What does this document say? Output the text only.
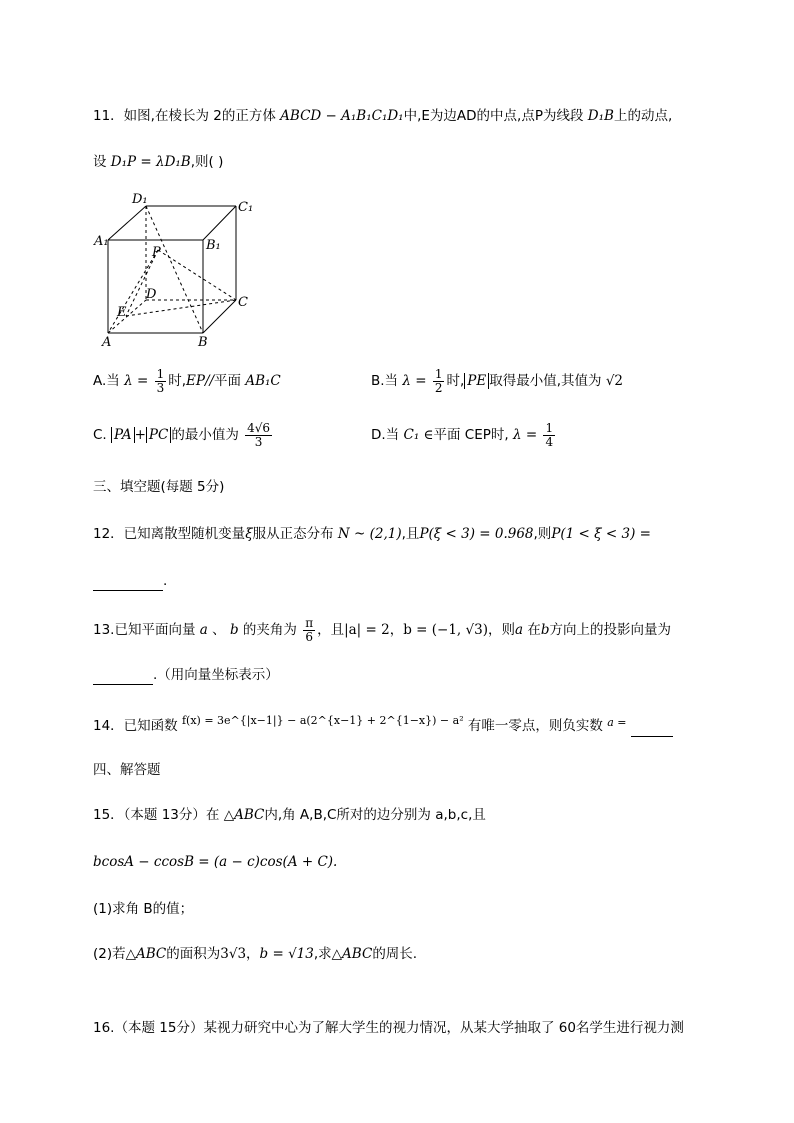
11．如图,在棱长为 2的正方体 ABCD − A₁B₁C₁D₁中,E为边AD的中点,点P为线段 D₁B上的动点,
设 D₁P = λD₁B,则( )
D₁
C₁
A₁	B₁
P
D
C
E
A	B
A.当 $\lambda = \frac{1}{3}$ 时,EP//平面 AB₁C	B.当 $\lambda = \frac{1}{2}$ 时, PE 取得最小值,其值为 √2
C. PA + PC 的最小值为 $\frac{4√6}{3}$	D.当 C₁ ∈平面 CEP时, $\lambda = \frac{1}{4}$
三、填空题(每题 5分)
12．已知离散型随机变量ξ服从正态分布 N ~ (2,1),且P(ξ < 3) = 0.968,则P(1 < ξ < 3) =
.
13.已知平面向量 a 、 b 的夹角为 $\frac{\pi}{6}$ ，且|a| = 2，b = (−1, √3)，则a 在b方向上的投影向量为
.（用向量坐标表示）
14．已知函数 $^{f(x) = 3e\^{}\{|x-1|\} - a(2\^{}\{x-1\} + 2\^{}\{1-x\}) - a^2}$ 有唯一零点，则负实数 $^{a =}$
四、解答题
15．（本题 13分）在 △ABC内,角 A,B,C所对的边分别为 a,b,c,且
bcosA − ccosB = (a − c)cos(A + C).
(1)求角 B的值；
(2)若△ABC的面积为3√3，b = √13,求△ABC的周长.
16.（本题 15分）某视力研究中心为了解大学生的视力情况，从某大学抽取了 60名学生进行视力测
